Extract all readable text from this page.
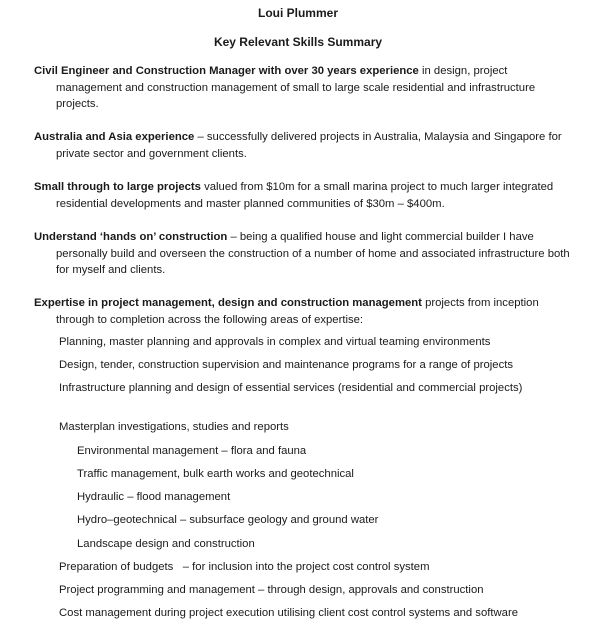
Loui Plummer
Key Relevant Skills Summary

Civil Engineer and Construction Manager with over 30 years experience in design, project management and construction management of small to large scale residential and infrastructure projects.

Australia and Asia experience – successfully delivered projects in Australia, Malaysia and Singapore for private sector and government clients.

Small through to large projects valued from $10m for a small marina project to much larger integrated residential developments and master planned communities of $30m – $400m.

Understand ‘hands on’ construction – being a qualified house and light commercial builder I have personally build and overseen the construction of a number of home and associated infrastructure both for myself and clients.

Expertise in project management, design and construction management projects from inception through to completion across the following areas of expertise:

Planning, master planning and approvals in complex and virtual teaming environments

Design, tender, construction supervision and maintenance programs for a range of projects

Infrastructure planning and design of essential services (residential and commercial projects)

Masterplan investigations, studies and reports

Environmental management – flora and fauna

Traffic management, bulk earth works and geotechnical

Hydraulic – flood management

Hydro–geotechnical – subsurface geology and ground water

Landscape design and construction

Preparation of budgets   – for inclusion into the project cost control system

Project programming and management – through design, approvals and construction

Cost management during project execution utilising client cost control systems and software
